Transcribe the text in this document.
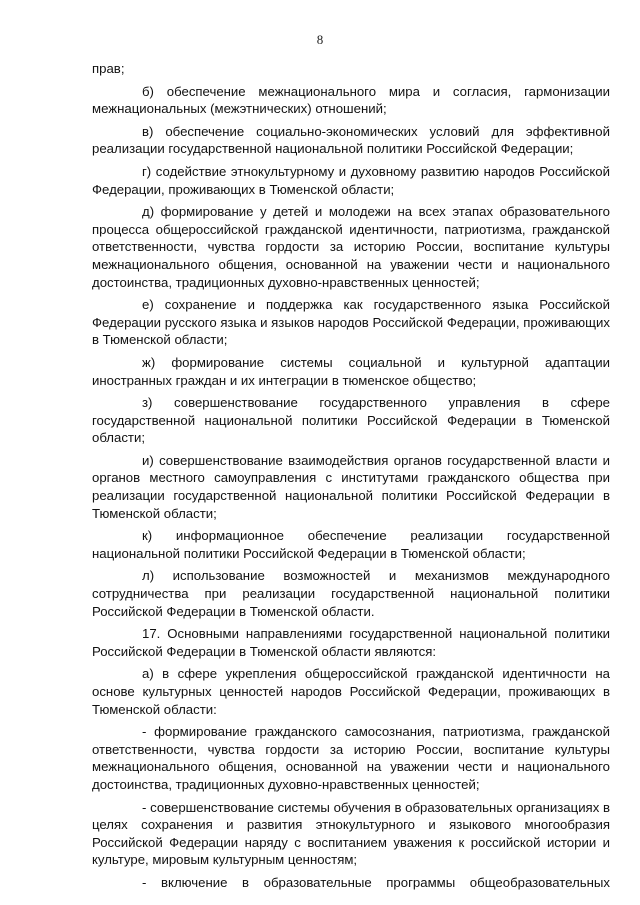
8

прав;

б) обеспечение межнационального мира и согласия, гармонизации межнациональных (межэтнических) отношений;

в) обеспечение социально-экономических условий для эффективной реализации государственной национальной политики Российской Федерации;

г) содействие этнокультурному и духовному развитию народов Российской Федерации, проживающих в Тюменской области;

д) формирование у детей и молодежи на всех этапах образовательного процесса общероссийской гражданской идентичности, патриотизма, гражданской ответственности, чувства гордости за историю России, воспитание культуры межнационального общения, основанной на уважении чести и национального достоинства, традиционных духовно-нравственных ценностей;

е) сохранение и поддержка как государственного языка Российской Федерации русского языка и языков народов Российской Федерации, проживающих в Тюменской области;

ж) формирование системы социальной и культурной адаптации иностранных граждан и их интеграции в тюменское общество;

з) совершенствование государственного управления в сфере государственной национальной политики Российской Федерации в Тюменской области;

и) совершенствование взаимодействия органов государственной власти и органов местного самоуправления с институтами гражданского общества при реализации государственной национальной политики Российской Федерации в Тюменской области;

к) информационное обеспечение реализации государственной национальной политики Российской Федерации в Тюменской области;

л) использование возможностей и механизмов международного сотрудничества при реализации государственной национальной политики Российской Федерации в Тюменской области.

17. Основными направлениями государственной национальной политики Российской Федерации в Тюменской области являются:

а) в сфере укрепления общероссийской гражданской идентичности на основе культурных ценностей народов Российской Федерации, проживающих в Тюменской области:

- формирование гражданского самосознания, патриотизма, гражданской ответственности, чувства гордости за историю России, воспитание культуры межнационального общения, основанной на уважении чести и национального достоинства, традиционных духовно-нравственных ценностей;

- совершенствование системы обучения в образовательных организациях в целях сохранения и развития этнокультурного и языкового многообразия Российской Федерации наряду с воспитанием уважения к российской истории и культуре, мировым культурным ценностям;

- включение в образовательные программы общеобразовательных
